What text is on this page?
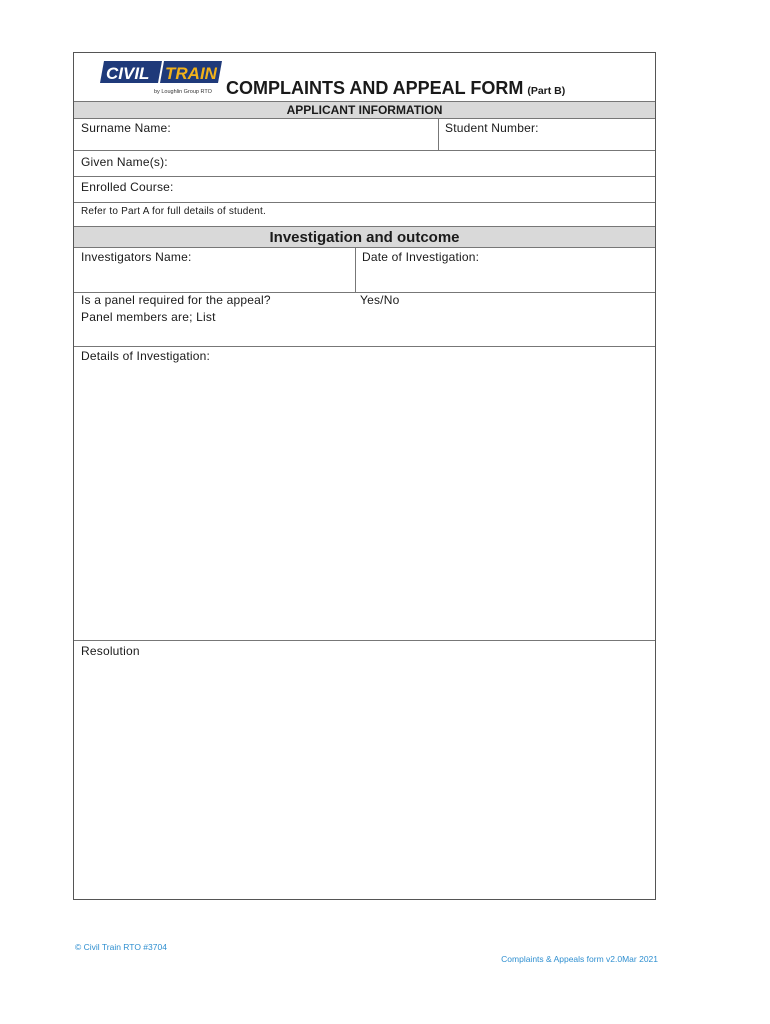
CIVIL TRAIN
by Loughlin Group RTO COMPLAINTS AND APPEAL FORM (Part B)
APPLICANT INFORMATION
Surname Name:	Student Number:
Given Name(s):
Enrolled Course:
Refer to Part A for full details of student.
Investigation and outcome
Investigators Name:	Date of Investigation:
Is a panel required for the appeal?	Yes/No
Panel members are; List
Details of Investigation:
Resolution
© Civil Train RTO #3704
Complaints & Appeals form v2.0Mar 2021
